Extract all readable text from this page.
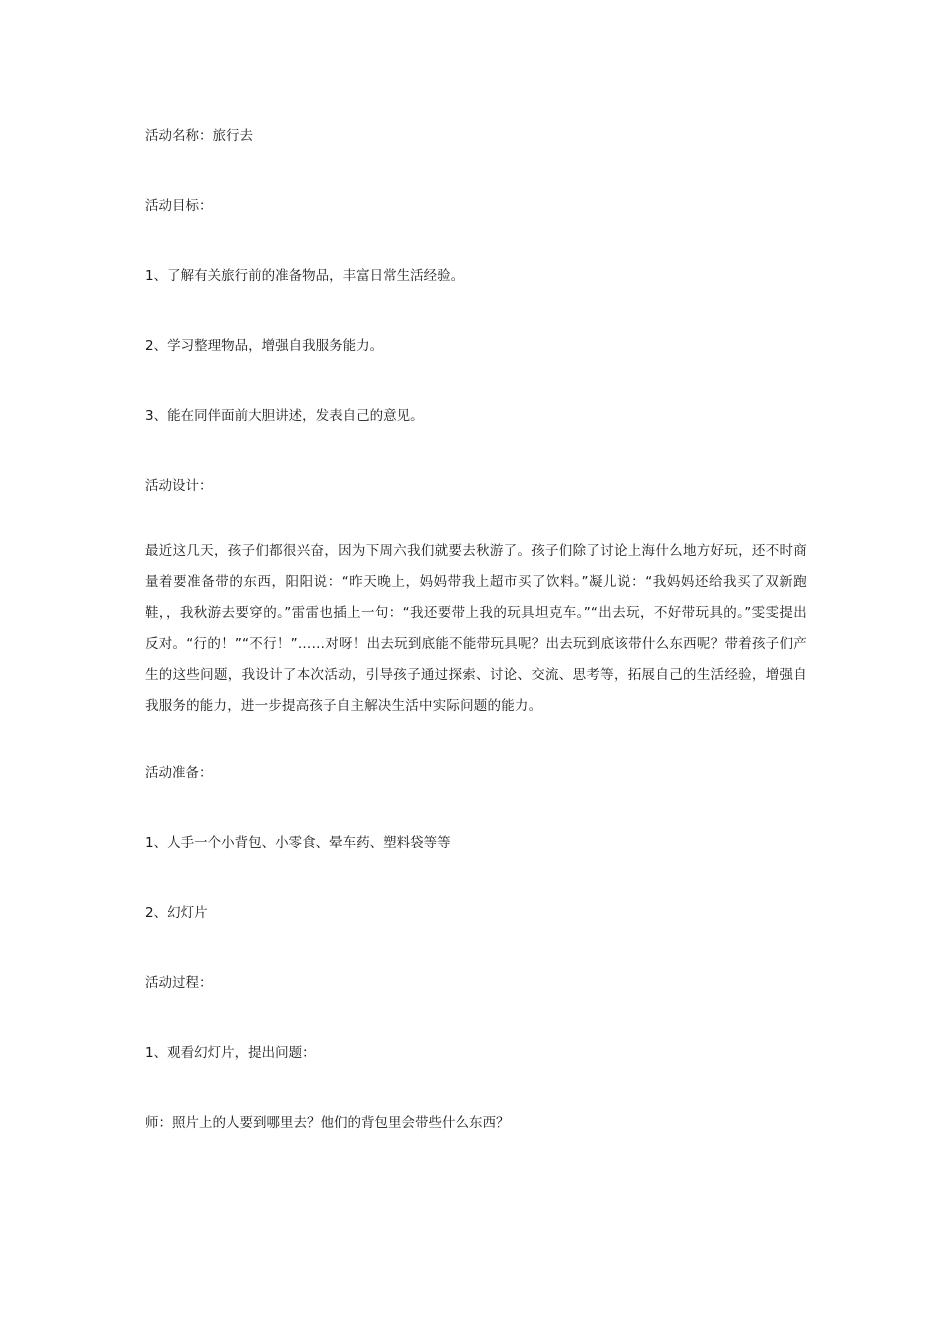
活动名称：旅行去

活动目标：

1、了解有关旅行前的准备物品，丰富日常生活经验。

2、学习整理物品，增强自我服务能力。

3、能在同伴面前大胆讲述，发表自己的意见。

活动设计：

最近这几天，孩子们都很兴奋，因为下周六我们就要去秋游了。孩子们除了讨论上海什么地方好玩，还不时商量着要准备带的东西，阳阳说：“昨天晚上，妈妈带我上超市买了饮料。”凝儿说：“我妈妈还给我买了双新跑鞋，，我秋游去要穿的。”雷雷也插上一句：“我还要带上我的玩具坦克车。”“出去玩，不好带玩具的。”雯雯提出反对。“行的！”“不行！”……对呀！出去玩到底能不能带玩具呢？出去玩到底该带什么东西呢？带着孩子们产生的这些问题，我设计了本次活动，引导孩子通过探索、讨论、交流、思考等，拓展自己的生活经验，增强自我服务的能力，进一步提高孩子自主解决生活中实际问题的能力。

活动准备：

1、人手一个小背包、小零食、晕车药、塑料袋等等

2、幻灯片

活动过程：

1、观看幻灯片，提出问题：

师：照片上的人要到哪里去？他们的背包里会带些什么东西？
